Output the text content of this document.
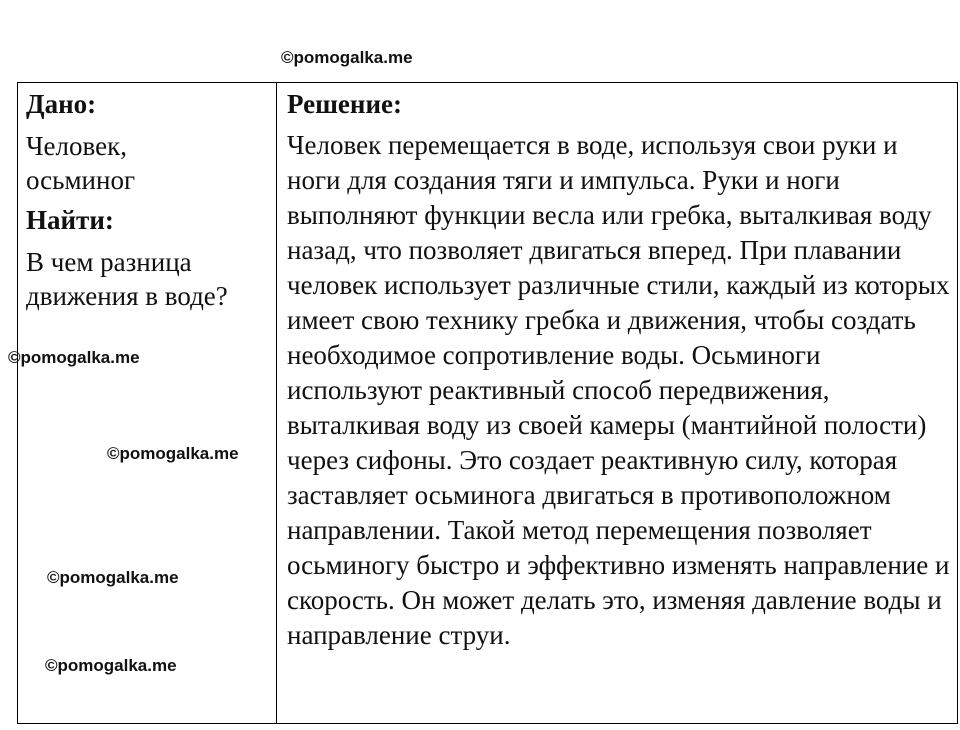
©pomogalka.me

Дано:

Человек, осьминог

Найти:

В чем разница движения в воде?

Решение:

Человек перемещается в воде, используя свои руки и ноги для создания тяги и импульса. Руки и ноги выполняют функции весла или гребка, выталкивая воду назад, что позволяет двигаться вперед. При плавании человек использует различные стили, каждый из которых имеет свою технику гребка и движения, чтобы создать необходимое сопротивление воды. Осьминоги используют реактивный способ передвижения, выталкивая воду из своей камеры (мантийной полости) через сифоны. Это создает реактивную силу, которая заставляет осьминога двигаться в противоположном направлении. Такой метод перемещения позволяет осьминогу быстро и эффективно изменять направление и скорость. Он может делать это, изменяя давление воды и направление струи.

©pomogalka.me
©pomogalka.me
©pomogalka.me
©pomogalka.me
